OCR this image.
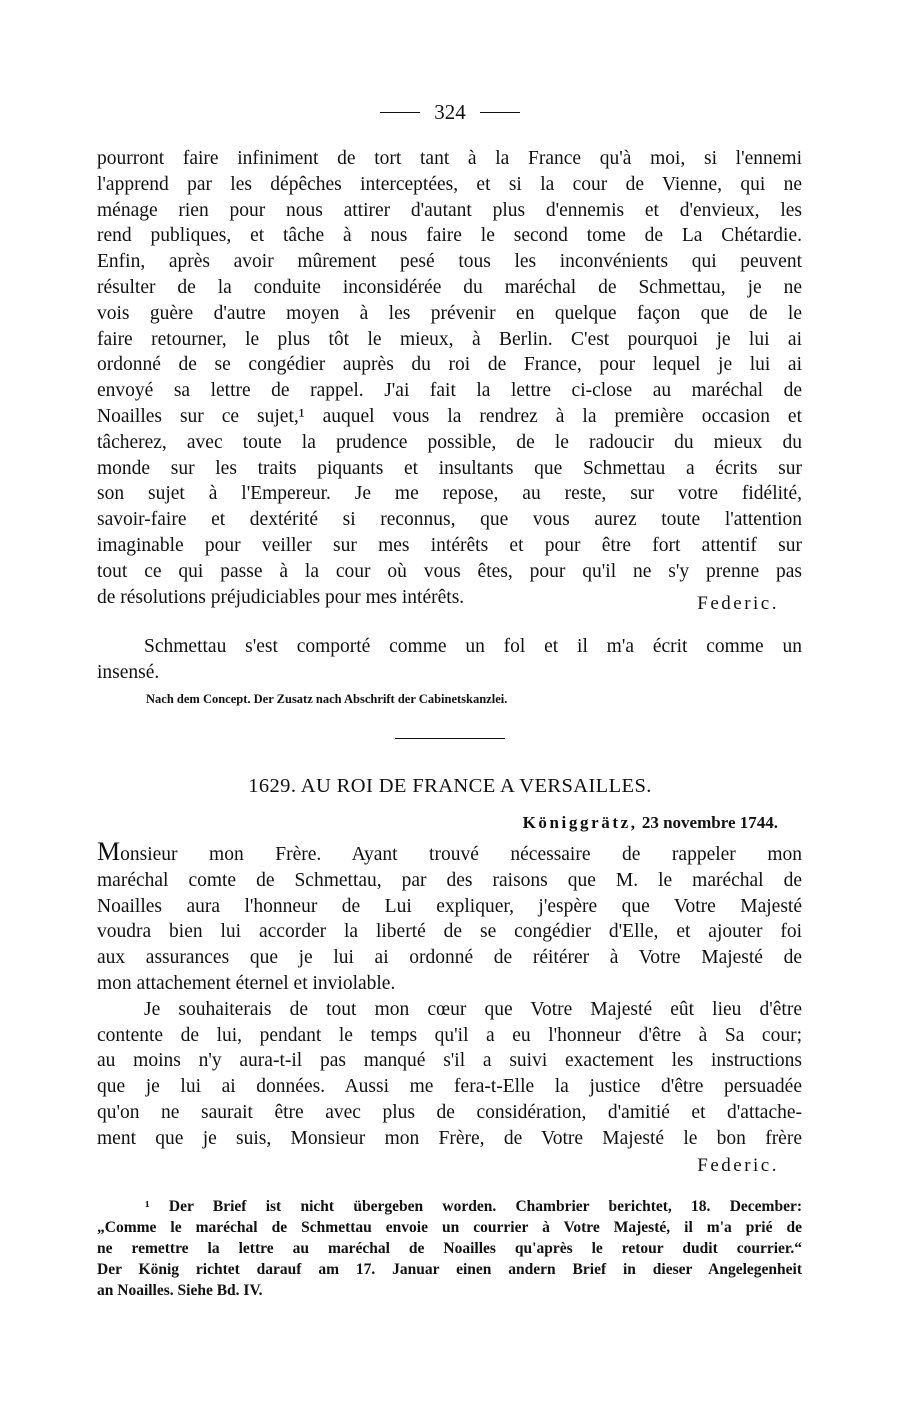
324
pourront faire infiniment de tort tant à la France qu'à moi, si l'ennemi
l'apprend par les dépêches interceptées, et si la cour de Vienne, qui ne
ménage rien pour nous attirer d'autant plus d'ennemis et d'envieux, les
rend publiques, et tâche à nous faire le second tome de La Chétardie.
Enfin, après avoir mûrement pesé tous les inconvénients qui peuvent
résulter de la conduite inconsidérée du maréchal de Schmettau, je ne
vois guère d'autre moyen à les prévenir en quelque façon que de le
faire retourner, le plus tôt le mieux, à Berlin. C'est pourquoi je lui ai
ordonné de se congédier auprès du roi de France, pour lequel je lui ai
envoyé sa lettre de rappel. J'ai fait la lettre ci-close au maréchal de
Noailles sur ce sujet,¹ auquel vous la rendrez à la première occasion et
tâcherez, avec toute la prudence possible, de le radoucir du mieux du
monde sur les traits piquants et insultants que Schmettau a écrits sur
son sujet à l'Empereur. Je me repose, au reste, sur votre fidélité,
savoir-faire et dextérité si reconnus, que vous aurez toute l'attention
imaginable pour veiller sur mes intérêts et pour être fort attentif sur
tout ce qui passe à la cour où vous êtes, pour qu'il ne s'y prenne pas
de résolutions préjudiciables pour mes intérêts.	Federic.
Schmettau s'est comporté comme un fol et il m'a écrit comme un
insensé.
Nach dem Concept. Der Zusatz nach Abschrift der Cabinetskanzlei.
1629. AU ROI DE FRANCE A VERSAILLES.
Königgrätz, 23 novembre 1744.
Monsieur mon Frère. Ayant trouvé nécessaire de rappeler mon
maréchal comte de Schmettau, par des raisons que M. le maréchal de
Noailles aura l'honneur de Lui expliquer, j'espère que Votre Majesté
voudra bien lui accorder la liberté de se congédier d'Elle, et ajouter foi
aux assurances que je lui ai ordonné de réitérer à Votre Majesté de
mon attachement éternel et inviolable.
Je souhaiterais de tout mon cœur que Votre Majesté eût lieu d'être
contente de lui, pendant le temps qu'il a eu l'honneur d'être à Sa cour;
au moins n'y aura-t-il pas manqué s'il a suivi exactement les instructions
que je lui ai données. Aussi me fera-t-Elle la justice d'être persuadée
qu'on ne saurait être avec plus de considération, d'amitié et d'attache-
ment que je suis, Monsieur mon Frère, de Votre Majesté le bon frère
Federic.
¹ Der Brief ist nicht übergeben worden. Chambrier berichtet, 18. December:
„Comme le maréchal de Schmettau envoie un courrier à Votre Majesté, il m'a prié de
ne remettre la lettre au maréchal de Noailles qu'après le retour dudit courrier.“
Der König richtet darauf am 17. Januar einen andern Brief in dieser Angelegenheit
an Noailles. Siehe Bd. IV.
